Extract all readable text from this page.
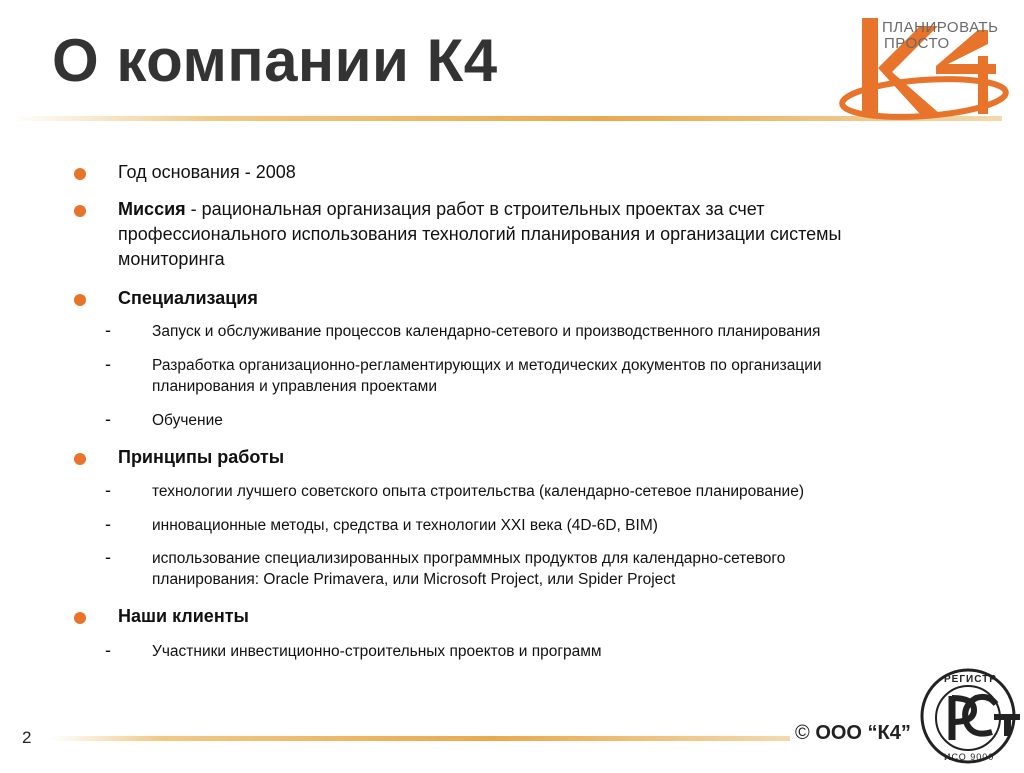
О компании К4	ПЛАНИРОВАТЬ
ПРОСТО
Год основания - 2008
Миссия - рациональная организация работ в строительных проектах за счет
профессионального использования технологий планирования и организации системы
мониторинга
Специализация
-	Запуск и обслуживание процессов календарно-сетевого и производственного планирования
-	Разработка организационно-регламентирующих и методических документов по организации
планирования и управления проектами
-	Обучение
Принципы работы
-	технологии лучшего советского опыта строительства (календарно-сетевое планирование)
-	инновационные методы, средства и технологии XXI века (4D-6D, BIM)
-	использование специализированных программных продуктов для календарно-сетевого
планирования: Oracle Primavera, или Microsoft Project, или Spider Project
Наши клиенты
-	Участники инвестиционно-строительных проектов и программ
2	© ООО “К4”
РЕГИСТР
ИСО 9000
